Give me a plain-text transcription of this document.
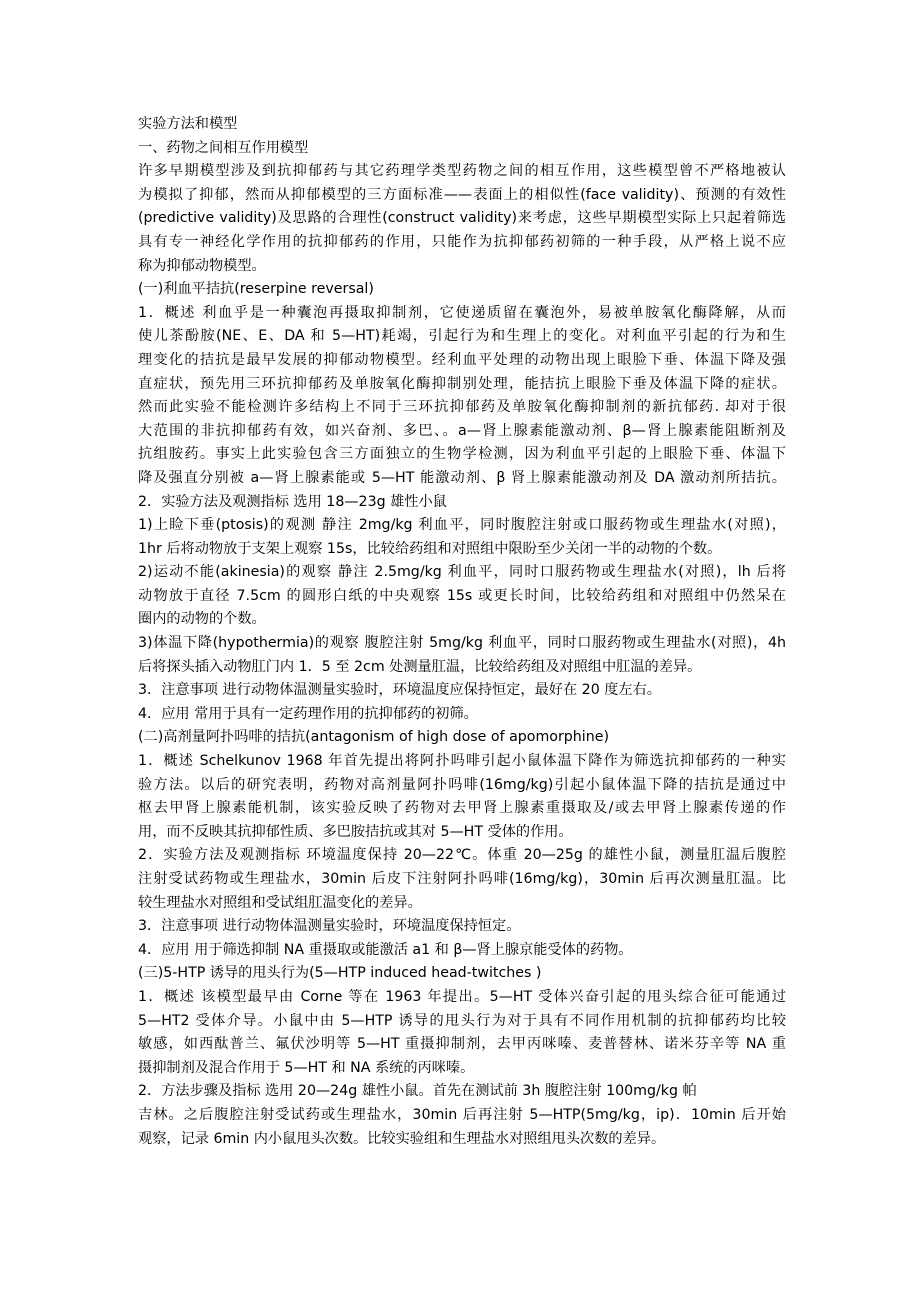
实验方法和模型
一、药物之间相互作用模型
许多早期模型涉及到抗抑郁药与其它药理学类型药物之间的相互作用，这些模型曾不严格地被认
为模拟了抑郁，然而从抑郁模型的三方面标准——表面上的相似性(face validity)、预测的有效性
(predictive validity)及思路的合理性(construct validity)来考虑，这些早期模型实际上只起着筛选
具有专一神经化学作用的抗抑郁药的作用，只能作为抗抑郁药初筛的一种手段，从严格上说不应
称为抑郁动物模型。
(一)利血平拮抗(reserpine reversal)
1．概述 利血乎是一种囊泡再摄取抑制剂，它使递质留在囊泡外，易被单胺氧化酶降解，从而
使儿茶酚胺(NE、E、DA 和 5—HT)耗竭，引起行为和生理上的变化。对利血平引起的行为和生
理变化的拮抗是最早发展的抑郁动物模型。经利血平处理的动物出现上眼脸下垂、体温下降及强
直症状，预先用三环抗抑郁药及单胺氧化酶抑制别处理，能拮抗上眼脸下垂及体温下降的症状。
然而此实验不能检测许多结构上不同于三环抗抑郁药及单胺氧化酶抑制剂的新抗郁药. 却对于很
大范围的非抗抑郁药有效，如兴奋剂、多巴、。a—肾上腺素能激动剂、β—肾上腺素能阻断剂及
抗组胺药。事实上此实验包含三方面独立的生物学检测，因为利血平引起的上眼脸下垂、体温下
降及强直分别被 a—肾上腺素能或 5—HT 能激动剂、β 肾上腺素能激动剂及 DA 激动剂所拮抗。
2．实验方法及观测指标 选用 18—23g 雄性小鼠
1)上睑下垂(ptosis)的观测 静注 2mg/kg 利血平，同时腹腔注射或口服药物或生理盐水(对照)，
1hr 后将动物放于支架上观察 15s，比较给药组和对照组中限盼至少关闭一半的动物的个数。
2)运动不能(akinesia)的观察 静注 2.5mg/kg 利血平，同时口服药物或生理盐水(对照)，lh 后将
动物放于直径 7.5cm 的圆形白纸的中央观察 15s 或更长时间，比较给药组和对照组中仍然呆在
圈内的动物的个数。
3)体温下降(hypothermia)的观察 腹腔注射 5mg/kg 利血平，同时口服药物或生理盐水(对照)，4h
后将探头插入动物肛门内 1．5 至 2cm 处测量肛温，比较给药组及对照组中肛温的差异。
3．注意事项 进行动物体温测量实验时，环境温度应保持恒定，最好在 20 度左右。
4．应用 常用于具有一定药理作用的抗抑郁药的初筛。
(二)高剂量阿扑吗啡的拮抗(antagonism of high dose of apomorphine)
1．概述 Schelkunov 1968 年首先提出将阿扑吗啡引起小鼠体温下降作为筛选抗抑郁药的一种实
验方法。以后的研究表明，药物对高剂量阿扑吗啡(16mg/kg)引起小鼠体温下降的拮抗是通过中
枢去甲肾上腺素能机制，该实验反映了药物对去甲肾上腺素重摄取及/或去甲肾上腺素传递的作
用，而不反映其抗抑郁性质、多巴胺拮抗或其对 5—HT 受体的作用。
2．实验方法及观测指标 环境温度保持 20—22℃。体重 20—25g 的雄性小鼠，测量肛温后腹腔
注射受试药物或生理盐水，30min 后皮下注射阿扑吗啡(16mg/kg)，30min 后再次测量肛温。比
较生理盐水对照组和受试组肛温变化的差异。
3．注意事项 进行动物体温测量实验时，环境温度保持恒定。
4．应用 用于筛选抑制 NA 重摄取或能激活 a1 和 β—肾上腺京能受体的药物。
(三)5-HTP 诱导的甩头行为(5—HTP induced head-twitches )
1．概述 该模型最早由 Corne 等在 1963 年提出。5—HT 受体兴奋引起的甩头综合征可能通过
5—HT2 受体介导。小鼠中由 5—HTP 诱导的甩头行为对于具有不同作用机制的抗抑郁药均比较
敏感，如西酞普兰、氟伏沙明等 5—HT 重摄抑制剂，去甲丙咪嗪、麦普替林、诺米芬辛等 NA 重
摄抑制剂及混合作用于 5—HT 和 NA 系统的丙咪嗪。
2．方法步骤及指标 选用 20—24g 雄性小鼠。首先在测试前 3h 腹腔注射 100mg/kg 帕
吉林。之后腹腔注射受试药或生理盐水，30min 后再注射 5—HTP(5mg/kg，ip)．10min 后开始
观察，记录 6min 内小鼠甩头次数。比较实验组和生理盐水对照组甩头次数的差异。
